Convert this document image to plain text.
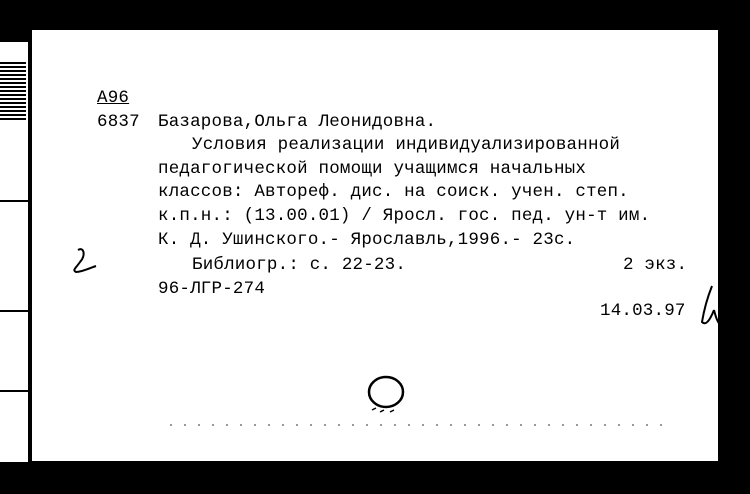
А96
6837 Базарова,Ольга Леонидовна.
Условия реализации индивидуализированной
педагогической помощи учащимся начальных
классов: Автореф. дис. на соиск. учен. степ.
к.п.н.: (13.00.01) / Яросл. гос. пед. ун-т им.
К. Д. Ушинского.- Ярославль,1996.- 23с.
Библиогр.: с. 22-23.	2 экз.
96-ЛГР-274
14.03.97
